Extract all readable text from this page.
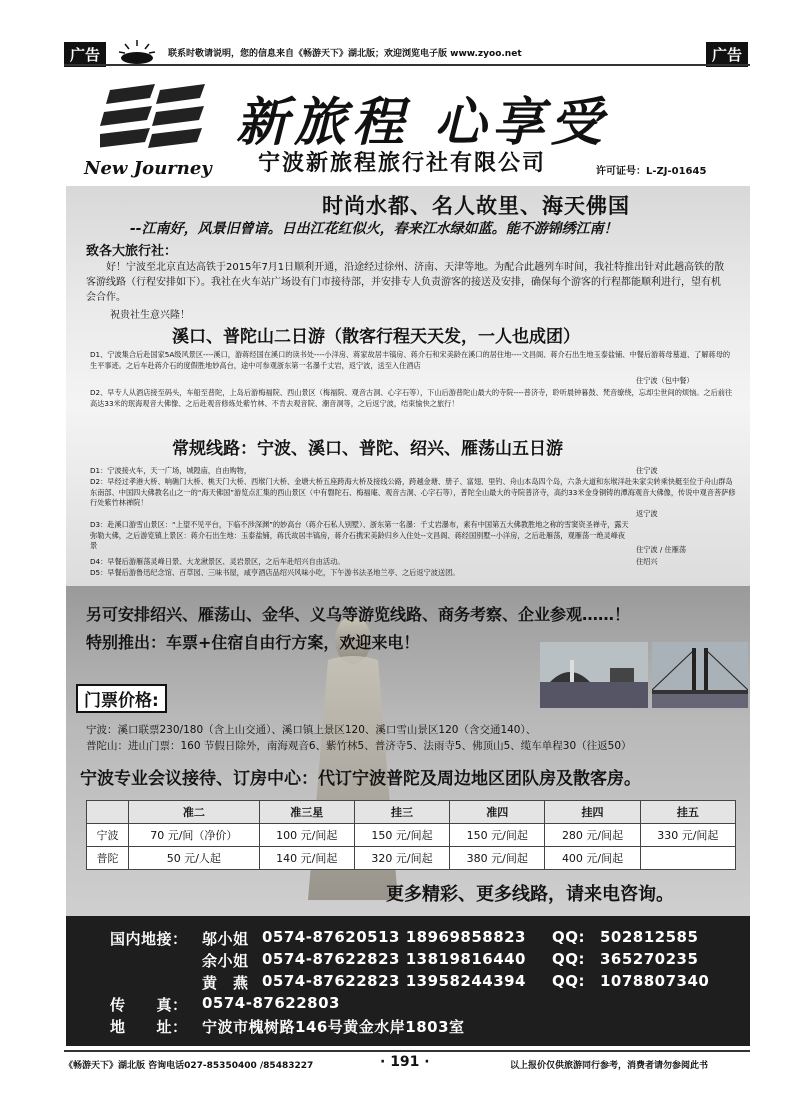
广告	联系时敬请说明，您的信息来自《畅游天下》湖北版；欢迎浏览电子版 www.zyoo.net	广告
新旅程 心享受
New Journey 宁波新旅程旅行社有限公司	许可证号：L-ZJ-01645
时尚水都、名人故里、海天佛国
--江南好，风景旧曾谙。日出江花红似火，春来江水绿如蓝。能不游锦绣江南！
致各大旅行社：
好！宁波至北京直达高铁于2015年7月1日顺利开通，沿途经过徐州、济南、天津等地。为配合此趟列车时间，我社特推出针对此趟高铁的散客游线路（行程安排如下）。我社在火车站广场设有门市接待部，并安排专人负责游客的接送及安排，确保每个游客的行程都能顺利进行，望有机会合作。
祝贵社生意兴隆！
溪口、普陀山二日游（散客行程天天发，一人也成团）
D1、宁波集合后赴国家5A级风景区----溪口，游蒋经国在溪口的读书处----小洋房、蒋家故居丰镐房、蒋介石和宋美龄在溪口的居住地----文昌阁、蒋介石出生地玉泰盐铺、中餐后游蒋母墓道、了解蒋母的生平事迹。之后车赴蒋介石的度假胜地妙高台，途中可参观浙东第一名瀑千丈岩，返宁波，送至入住酒店
住宁波（包中餐）
D2、早专人从酒店接至码头，车船至普陀，上岛后游梅福院、西山景区（梅福院、观音古洞、心字石等），下山后游普陀山最大的寺院----普济寺，聆听晨钟暮鼓、梵音缭绕，忘却尘世间的烦恼。之后前往高达33米的珉海观音大佛像、之后赴观音修炼处紫竹林、不肯去观音院、潮音洞等，之后返宁波，结束愉快之旅行！
常规线路：宁波、溪口、普陀、绍兴、雁荡山五日游
D1：宁波接火车，天一广场，城隍庙，自由购物，	住宁波
D2：早经过孝港大桥、响礁门大桥、桃天门大桥、西堠门大桥、金塘大桥五座跨海大桥及接线公路，跨越金塘、册子、富翅、里钓、舟山本岛四个岛，六条大道和东堠洋赴朱家尖转乘快艇至位于舟山群岛东南部、中国四大佛教名山之一的“海天佛国”游览点汇集的西山景区（中有磐陀石、梅福庵、观音古洞、心字石等），普陀全山最大的寺院普济寺，高约33米金身铜铸的潭海观音大佛像，传说中观音菩萨修行处紫竹林禅院！
返宁波
D3：赴溪口游雪山景区：“上望不见平台，下临不涉深渊”的妙高台（蒋介石私人别墅）、浙东第一名瀑：千丈岩瀑布，素有中国第五大佛教胜地之称的雪窦资圣禅寺，露天弥勒大佛，之后游览镇上景区：蒋介石出生地：玉泰盐铺，蒋氏故居丰镐房，蒋介石携宋美龄归乡入住处--文昌阁、蒋经国别墅--小洋房，之后赴雁荡，观雁荡一绝灵峰夜景	住宁波 / 住雁荡
D4：早餐后游雁荡灵峰日景、大龙湫景区、灵岩景区，之后车赴绍兴自由活动。	住绍兴
D5：早餐后游鲁迅纪念馆、百草园、三味书屋，咸亨酒店品绍兴风味小吃，下午游书法圣地兰亭、之后返宁波送团。
另可安排绍兴、雁荡山、金华、义乌等游览线路、商务考察、企业参观……！
特别推出：车票+住宿自由行方案，欢迎来电！
门票价格:
宁波：溪口联票230/180（含上山交通）、溪口镇上景区120、溪口雪山景区120（含交通140）、
普陀山：进山门票：160 节假日除外，南海观音6、紫竹林5、普济寺5、法雨寺5、佛顶山5、缆车单程30（往返50）
宁波专业会议接待、订房中心：代订宁波普陀及周边地区团队房及散客房。
	准二	准三星	挂三	准四	挂四	挂五
宁波	70 元/间（净价）	100 元/间起	150 元/间起	150 元/间起	280 元/间起	330 元/间起
普陀	50 元/人起	140 元/间起	320 元/间起	380 元/间起	400 元/间起	
更多精彩、更多线路，请来电咨询。
国内地接： 邬小姐 0574-87620513 18969858823 QQ: 502812585
余小姐 0574-87622823 13819816440 QQ: 365270235
黄　燕 0574-87622823 13958244394 QQ: 1078807340
传　　真： 0574-87622803
地　　址： 宁波市槐树路146号黄金水岸1803室
《畅游天下》湖北版 咨询电话027-85350400 /85483227	· 191 ·	以上报价仅供旅游同行参考，消费者请勿参阅此书
